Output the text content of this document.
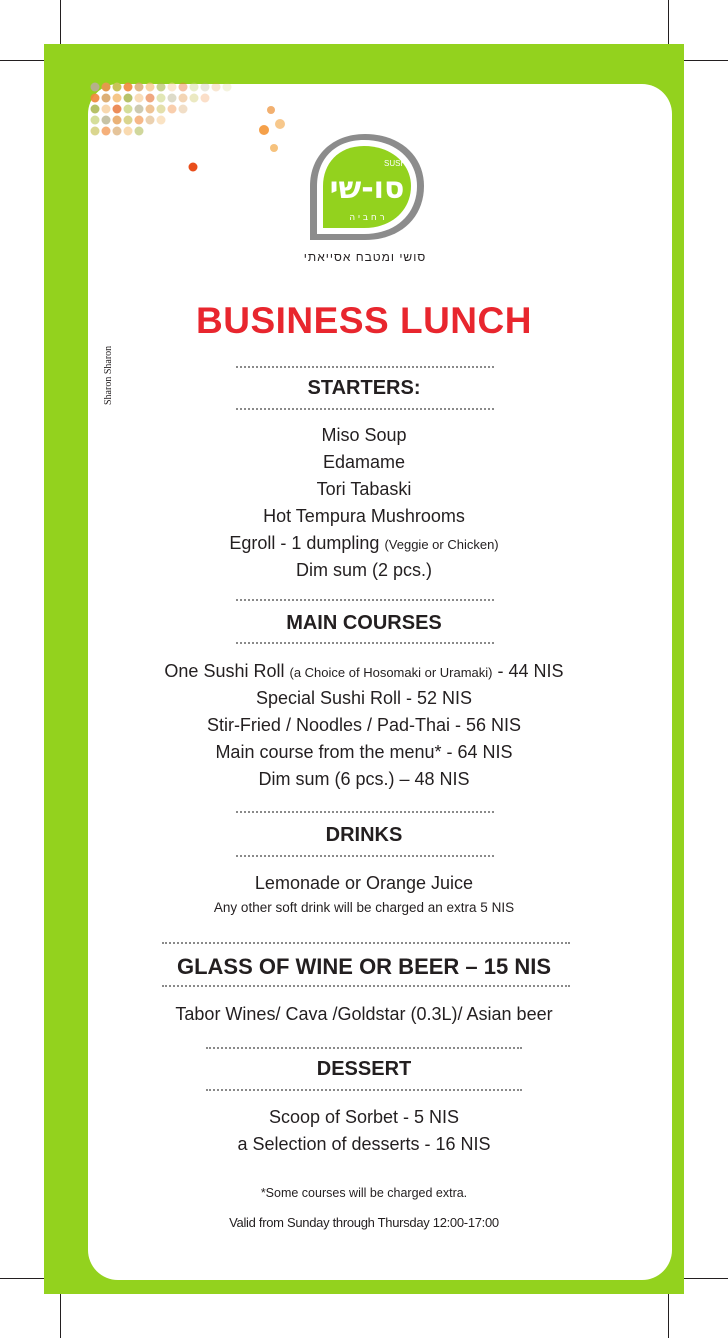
SUSHI
סו-שי
ר ח ב י ה
סושי ומטבח אסייאתי
Sharon Sharon
BUSINESS LUNCH
STARTERS:
Miso Soup
Edamame
Tori Tabaski
Hot Tempura Mushrooms
Egroll - 1 dumpling (Veggie or Chicken)
Dim sum (2 pcs.)
MAIN COURSES
One Sushi Roll (a Choice of Hosomaki or Uramaki) - 44 NIS
Special Sushi Roll - 52 NIS
Stir-Fried / Noodles / Pad-Thai - 56 NIS
Main course from the menu* - 64 NIS
Dim sum (6 pcs.) – 48 NIS
DRINKS
Lemonade or Orange Juice
Any other soft drink will be charged an extra 5 NIS
GLASS OF WINE OR BEER – 15 NIS
Tabor Wines/ Cava /Goldstar (0.3L)/ Asian beer
DESSERT
Scoop of Sorbet - 5 NIS
a Selection of desserts - 16 NIS
*Some courses will be charged extra.
Valid from Sunday through Thursday 12:00-17:00
